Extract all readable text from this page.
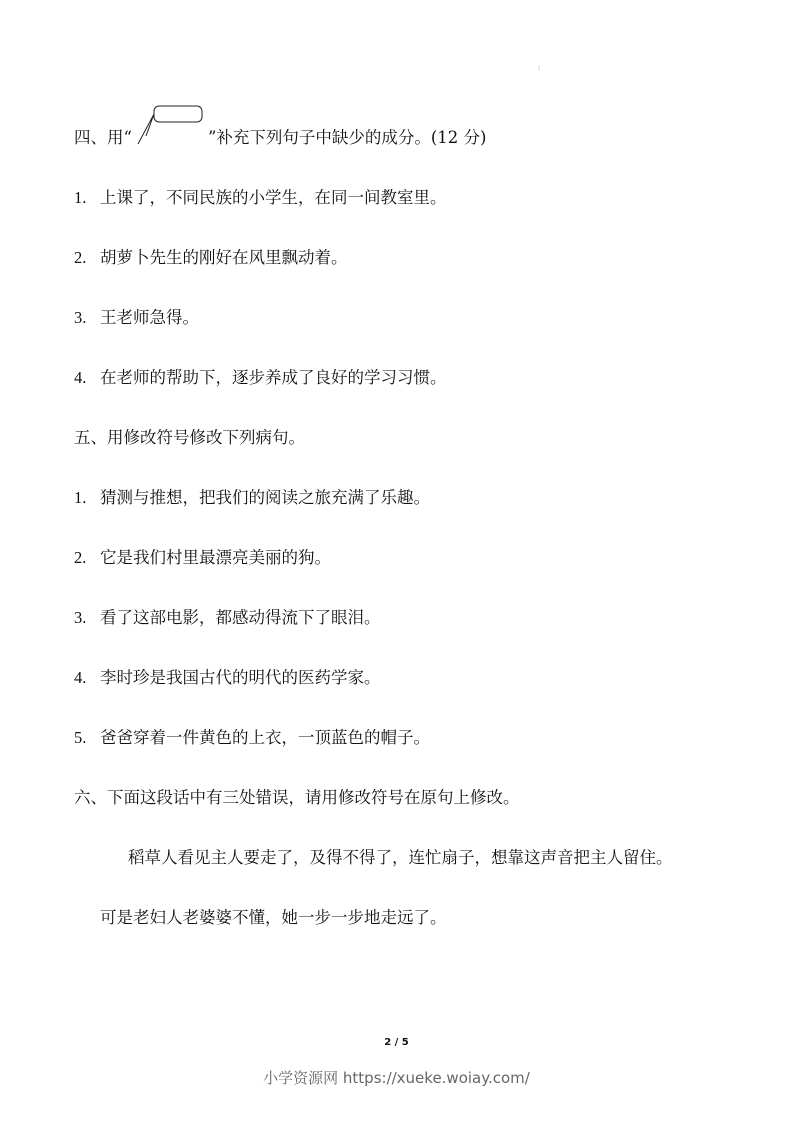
:
四、用“	”补充下列句子中缺少的成分。(12 分)
1. 上课了，不同民族的小学生，在同一间教室里。
2. 胡萝卜先生的刚好在风里飘动着。
3. 王老师急得。
4. 在老师的帮助下，逐步养成了良好的学习习惯。
五、用修改符号修改下列病句。
1. 猜测与推想，把我们的阅读之旅充满了乐趣。
2. 它是我们村里最漂亮美丽的狗。
3. 看了这部电影，都感动得流下了眼泪。
4. 李时珍是我国古代的明代的医药学家。
5. 爸爸穿着一件黄色的上衣，一顶蓝色的帽子。
六、下面这段话中有三处错误，请用修改符号在原句上修改。
稻草人看见主人要走了，及得不得了，连忙扇子，想靠这声音把主人留住。
可是老妇人老婆婆不懂，她一步一步地走远了。
2 / 5
小学资源网 https://xueke.woiay.com/
